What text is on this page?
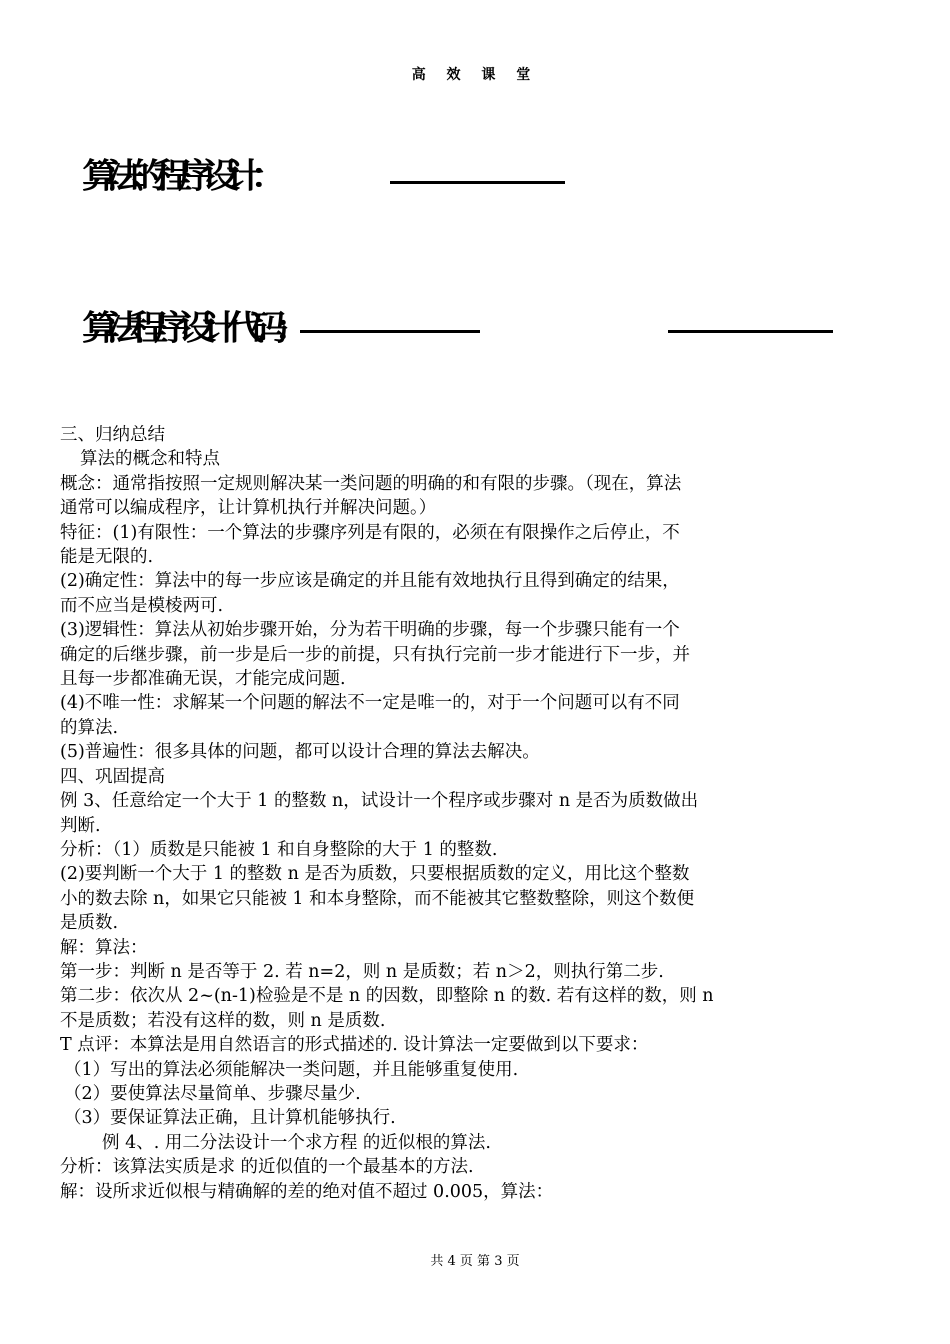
高 效 课 堂
算法的程序设计：
算法程序设计代码：

三、归纳总结

算法的概念和特点

概念：通常指按照一定规则解决某一类问题的明确的和有限的步骤。（现在，算法

通常可以编成程序，让计算机执行并解决问题。）

特征：(1)有限性：一个算法的步骤序列是有限的，必须在有限操作之后停止，不

能是无限的.

(2)确定性：算法中的每一步应该是确定的并且能有效地执行且得到确定的结果，

而不应当是模棱两可.

(3)逻辑性：算法从初始步骤开始，分为若干明确的步骤，每一个步骤只能有一个

确定的后继步骤，前一步是后一步的前提，只有执行完前一步才能进行下一步，并

且每一步都准确无误，才能完成问题.

(4)不唯一性：求解某一个问题的解法不一定是唯一的，对于一个问题可以有不同

的算法.

(5)普遍性：很多具体的问题，都可以设计合理的算法去解决。

四、巩固提高

例 3、任意给定一个大于 1 的整数 n，试设计一个程序或步骤对 n 是否为质数做出

判断.

分析：（1）质数是只能被 1 和自身整除的大于 1 的整数.

(2)要判断一个大于 1 的整数 n 是否为质数，只要根据质数的定义，用比这个整数

小的数去除 n，如果它只能被 1 和本身整除，而不能被其它整数整除，则这个数便

是质数.

解：算法：

第一步：判断 n 是否等于 2. 若 n=2，则 n 是质数；若 n＞2，则执行第二步.

第二步：依次从 2~(n-1)检验是不是 n 的因数，即整除 n 的数. 若有这样的数，则 n

不是质数；若没有这样的数，则 n 是质数.

T 点评：本算法是用自然语言的形式描述的. 设计算法一定要做到以下要求：

（1）写出的算法必须能解决一类问题，并且能够重复使用.

（2）要使算法尽量简单、步骤尽量少.

（3）要保证算法正确，且计算机能够执行.

例 4、. 用二分法设计一个求方程 的近似根的算法.

分析：该算法实质是求 的近似值的一个最基本的方法.

解：设所求近似根与精确解的差的绝对值不超过 0.005，算法：

共 4 页 第 3 页
